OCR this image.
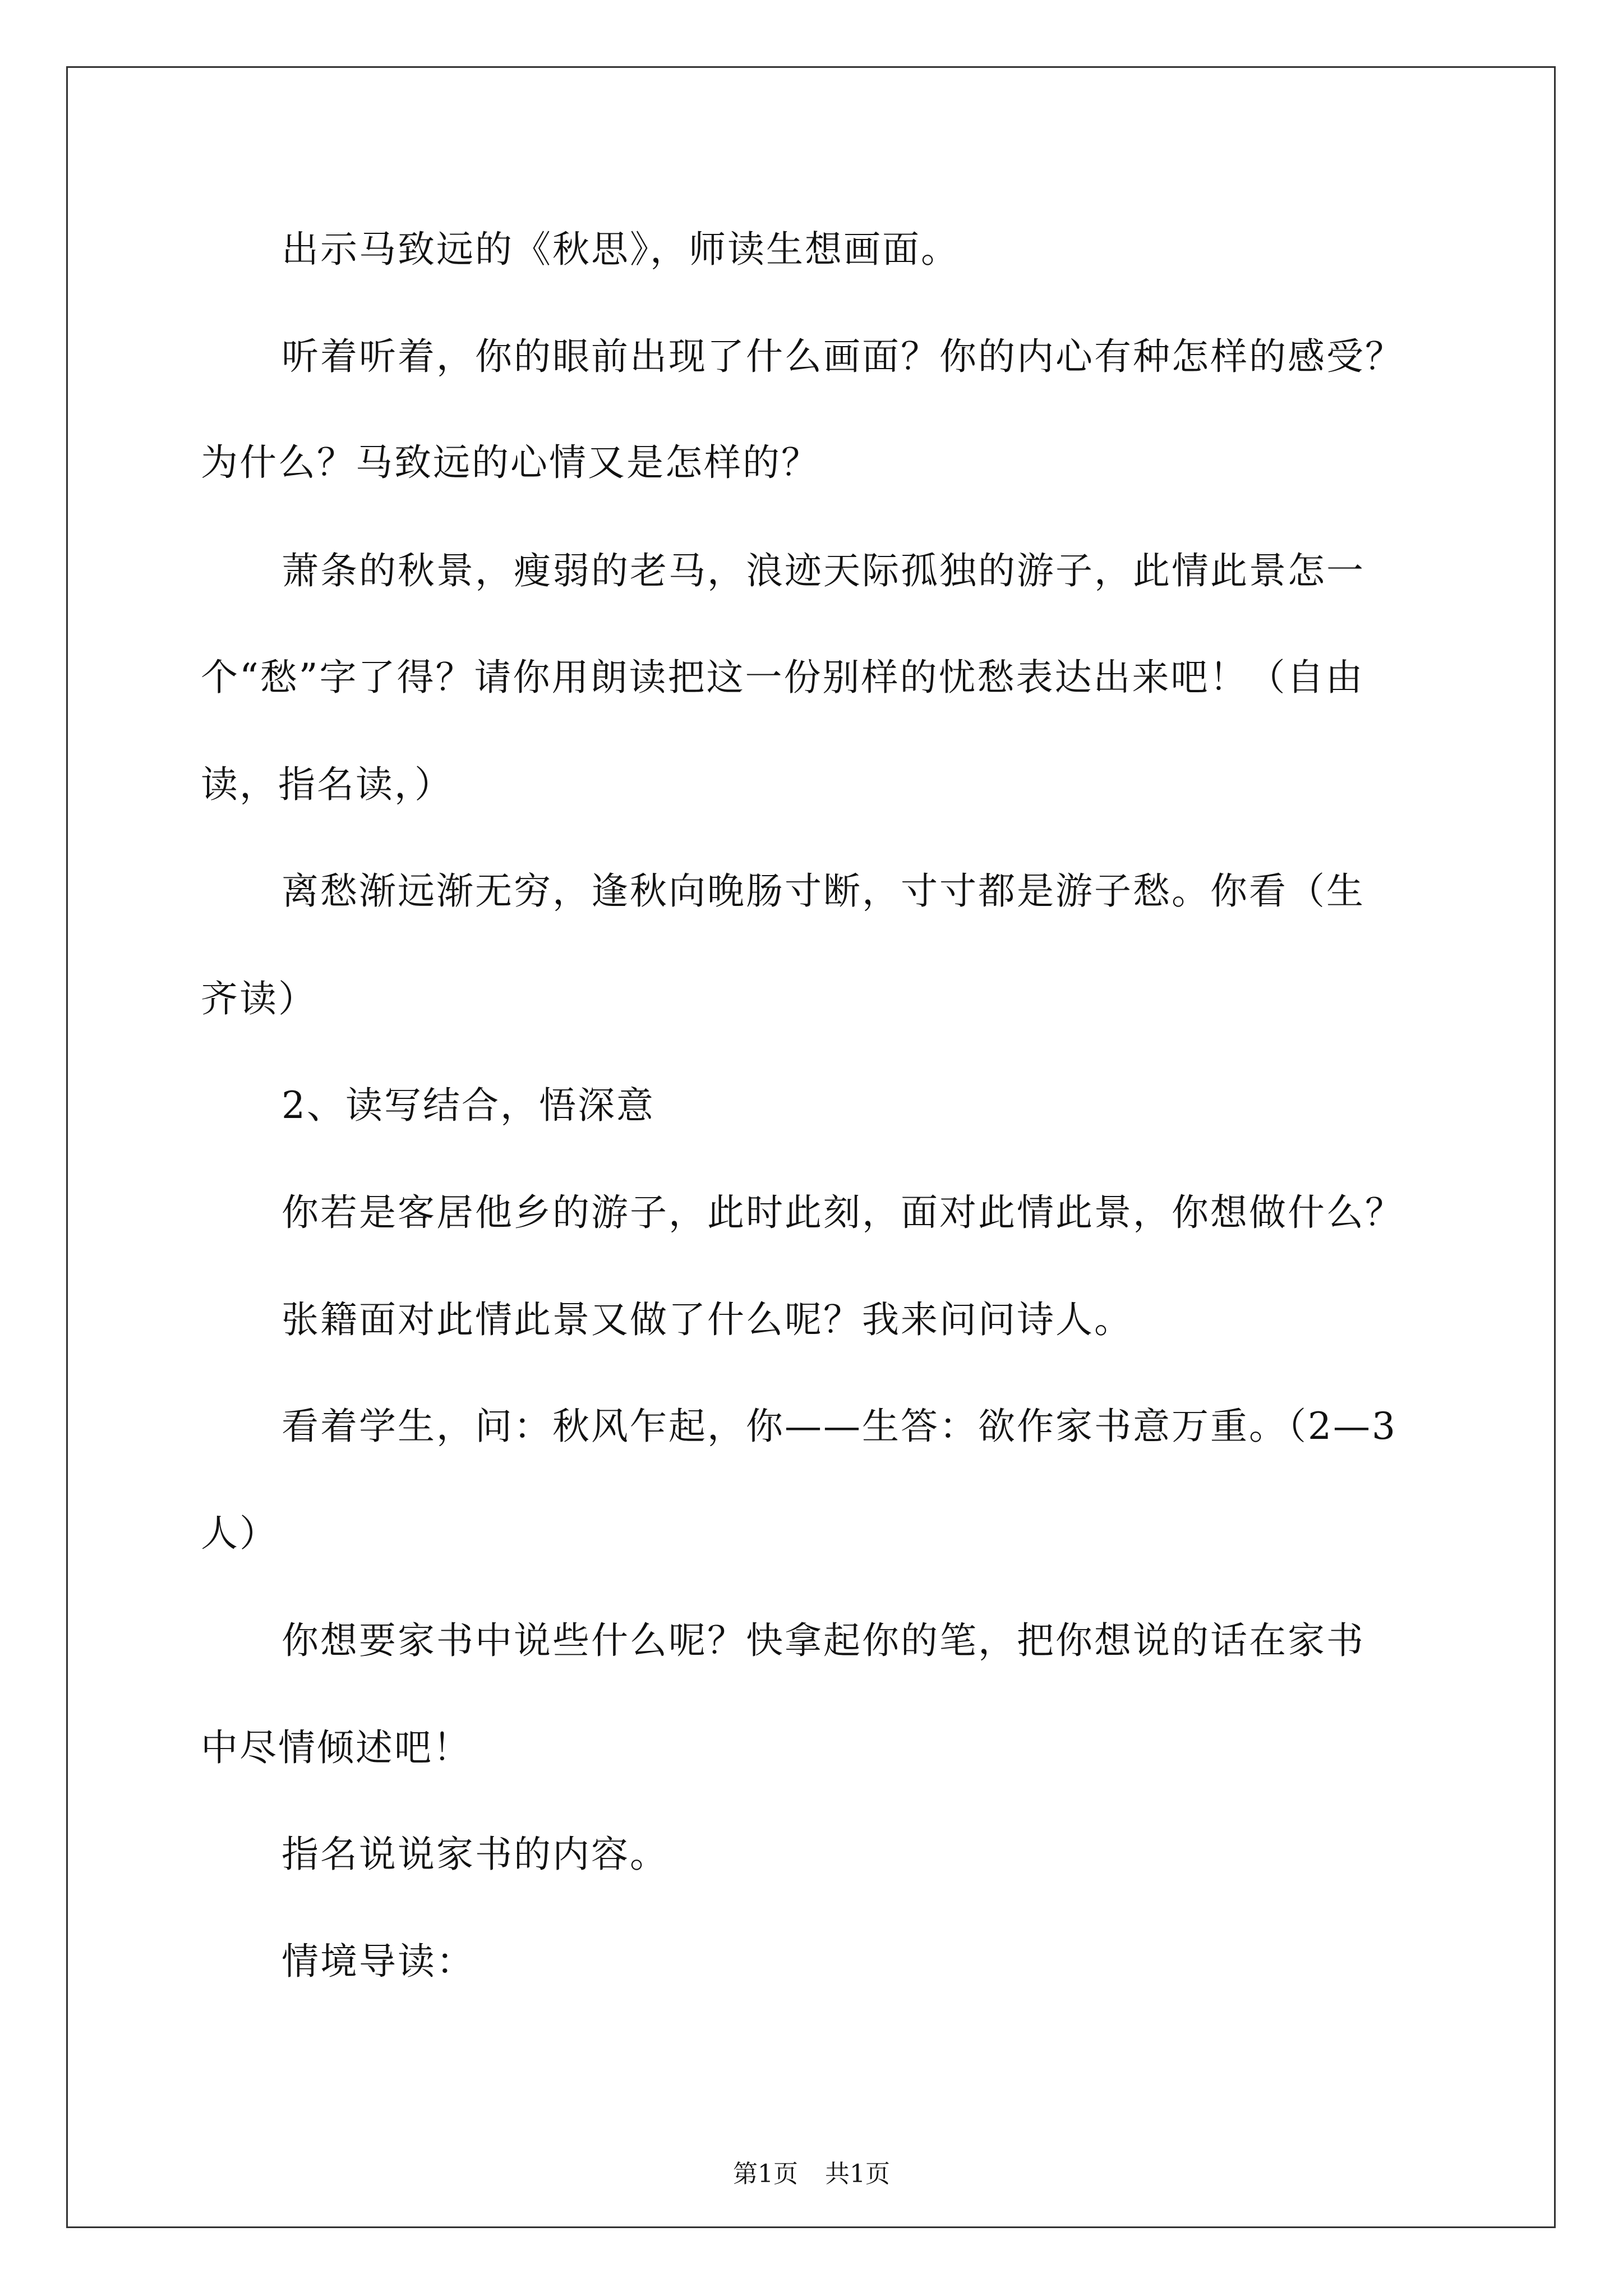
出示马致远的《秋思》，师读生想画面。
听着听着，你的眼前出现了什么画面？你的内心有种怎样的感受？
为什么？马致远的心情又是怎样的？
萧条的秋景，瘦弱的老马，浪迹天际孤独的游子，此情此景怎一
个“愁”字了得？请你用朗读把这一份别样的忧愁表达出来吧！（自由
读，指名读，）
离愁渐远渐无穷，逢秋向晚肠寸断，寸寸都是游子愁。你看（生
齐读）
2、读写结合，悟深意
你若是客居他乡的游子，此时此刻，面对此情此景，你想做什么？
张籍面对此情此景又做了什么呢？我来问问诗人。
看着学生，问：秋风乍起，你——生答：欲作家书意万重。（2—3
人）
你想要家书中说些什么呢？快拿起你的笔，把你想说的话在家书
中尽情倾述吧！
指名说说家书的内容。
情境导读：
第1页 共1页
